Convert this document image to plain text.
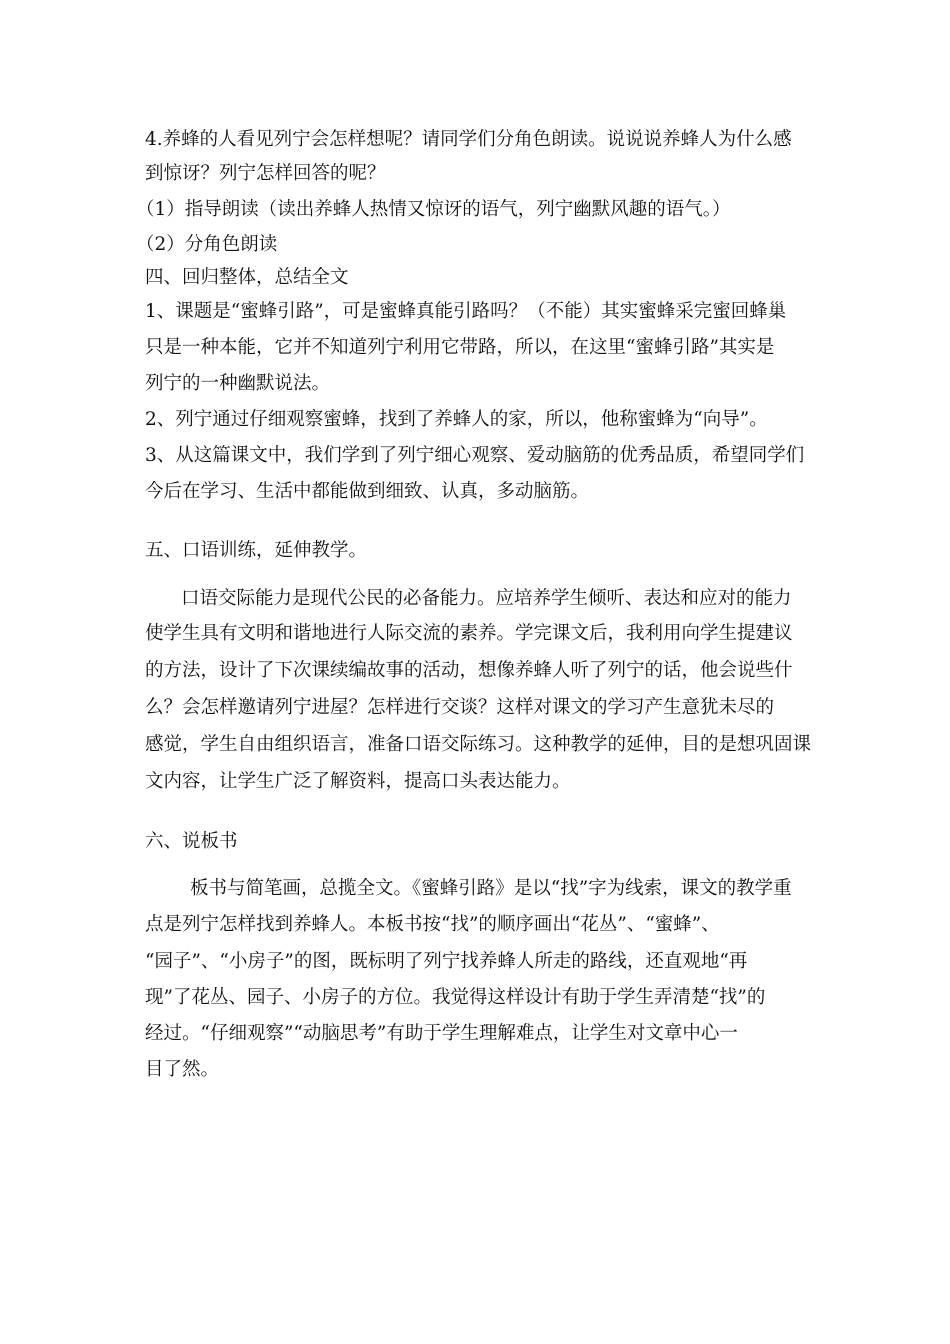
4.养蜂的人看见列宁会怎样想呢？请同学们分角色朗读。说说说养蜂人为什么感
到惊讶？列宁怎样回答的呢？
（1）指导朗读（读出养蜂人热情又惊讶的语气，列宁幽默风趣的语气。）
（2）分角色朗读
四、回归整体，总结全文
1、课题是“蜜蜂引路”，可是蜜蜂真能引路吗？（不能）其实蜜蜂采完蜜回蜂巢
只是一种本能，它并不知道列宁利用它带路，所以，在这里“蜜蜂引路”其实是
列宁的一种幽默说法。
2、列宁通过仔细观察蜜蜂，找到了养蜂人的家，所以，他称蜜蜂为“向导”。
3、从这篇课文中，我们学到了列宁细心观察、爱动脑筋的优秀品质，希望同学们
今后在学习、生活中都能做到细致、认真，多动脑筋。
五、口语训练，延伸教学。
口语交际能力是现代公民的必备能力。应培养学生倾听、表达和应对的能力
使学生具有文明和谐地进行人际交流的素养。学完课文后，我利用向学生提建议
的方法，设计了下次课续编故事的活动，想像养蜂人听了列宁的话，他会说些什
么？会怎样邀请列宁进屋？怎样进行交谈？这样对课文的学习产生意犹未尽的
感觉，学生自由组织语言，准备口语交际练习。这种教学的延伸，目的是想巩固课
文内容，让学生广泛了解资料，提高口头表达能力。
六、说板书
板书与简笔画，总揽全文。《蜜蜂引路》是以“找”字为线索，课文的教学重
点是列宁怎样找到养蜂人。本板书按“找”的顺序画出“花丛”、“蜜蜂”、
“园子”、“小房子”的图，既标明了列宁找养蜂人所走的路线，还直观地“再
现”了花丛、园子、小房子的方位。我觉得这样设计有助于学生弄清楚“找”的
经过。“仔细观察”“动脑思考”有助于学生理解难点，让学生对文章中心一
目了然。
